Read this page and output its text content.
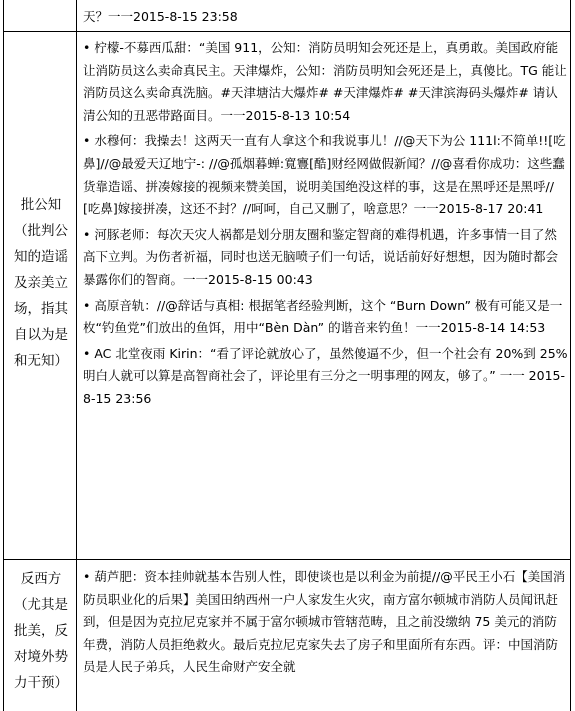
天？一一2015-8-15 23:58

批公知（批判公知的造谣及亲美立场，指其自以为是和无知）

• 柠檬-不募西瓜甜：“美国 911，公知：消防员明知会死还是上，真勇敢。美国政府能让消防员这么卖命真民主。天津爆炸，公知：消防员明知会死还是上，真傻比。TG 能让消防员这么卖命真洗脑。#天津塘沽大爆炸# #天津爆炸# #天津滨海码头爆炸# 请认清公知的丑恶带路面目。一一2015-8-13 10:54

• 水穆何：我操去！这两天一直有人拿这个和我说事儿！//@天下为公 111l:不简单!![吃鼻]//@最爱天辽地宁-: //@孤烟暮蝉:寬寷[酷]财经网做假新闻？//@喜看你成功：这些蠢货靠造谣、拼凑嫁接的视频来赞美国，说明美国绝没这样的事，这是在黑呼还是黑呼//[吃鼻]嫁接拼凑，这还不封？//呵呵，自己又删了，啥意思？一一2015-8-17 20:41

• 河豚老师：每次天灾人祸都是划分朋友圈和鉴定智商的难得机遇，许多事情一目了然高下立判。为伤者祈福，同时也送无脑喷子们一句话，说话前好好想想，因为随时都会暴露你们的智商。一一2015-8-15 00:43

• 高原音轨：//@辞话与真相: 根据笔者经验判断，这个 “Burn Down” 极有可能又是一枚“钓鱼党”们放出的鱼饵，用中“Bèn Dàn” 的谐音来钓鱼！一一2015-8-14 14:53

• AC 北堂夜雨 Kirin：“看了评论就放心了，虽然傻逼不少，但一个社会有 20%到 25%明白人就可以算是高智商社会了，评论里有三分之一明事理的网友，够了。” 一一 2015-8-15 23:56

反西方（尤其是批美，反对境外势力干预）

• 葫芦肥：资本挂帅就基本告别人性，即使谈也是以利金为前提//@平民王小石【美国消防员职业化的后果】美国田纳西州一户人家发生火灾，南方富尔顿城市消防人员闻讯赶到，但是因为克拉尼克家并不属于富尔顿城市管辖范畴，且之前没缴纳 75 美元的消防年费，消防人员拒绝救火。最后克拉尼克家失去了房子和里面所有东西。评：中国消防员是人民子弟兵，人民生命财产安全就
